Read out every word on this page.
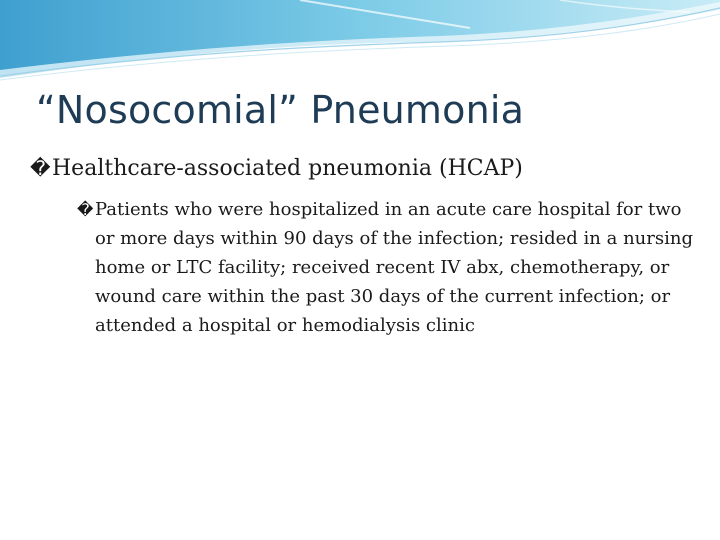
“Nosocomial” Pneumonia
�Healthcare-associated pneumonia (HCAP)
�Patients who were hospitalized in an acute care hospital for two or more days within 90 days of the infection; resided in a nursing home or LTC facility; received recent IV abx, chemotherapy, or wound care within the past 30 days of the current infection; or attended a hospital or hemodialysis clinic
